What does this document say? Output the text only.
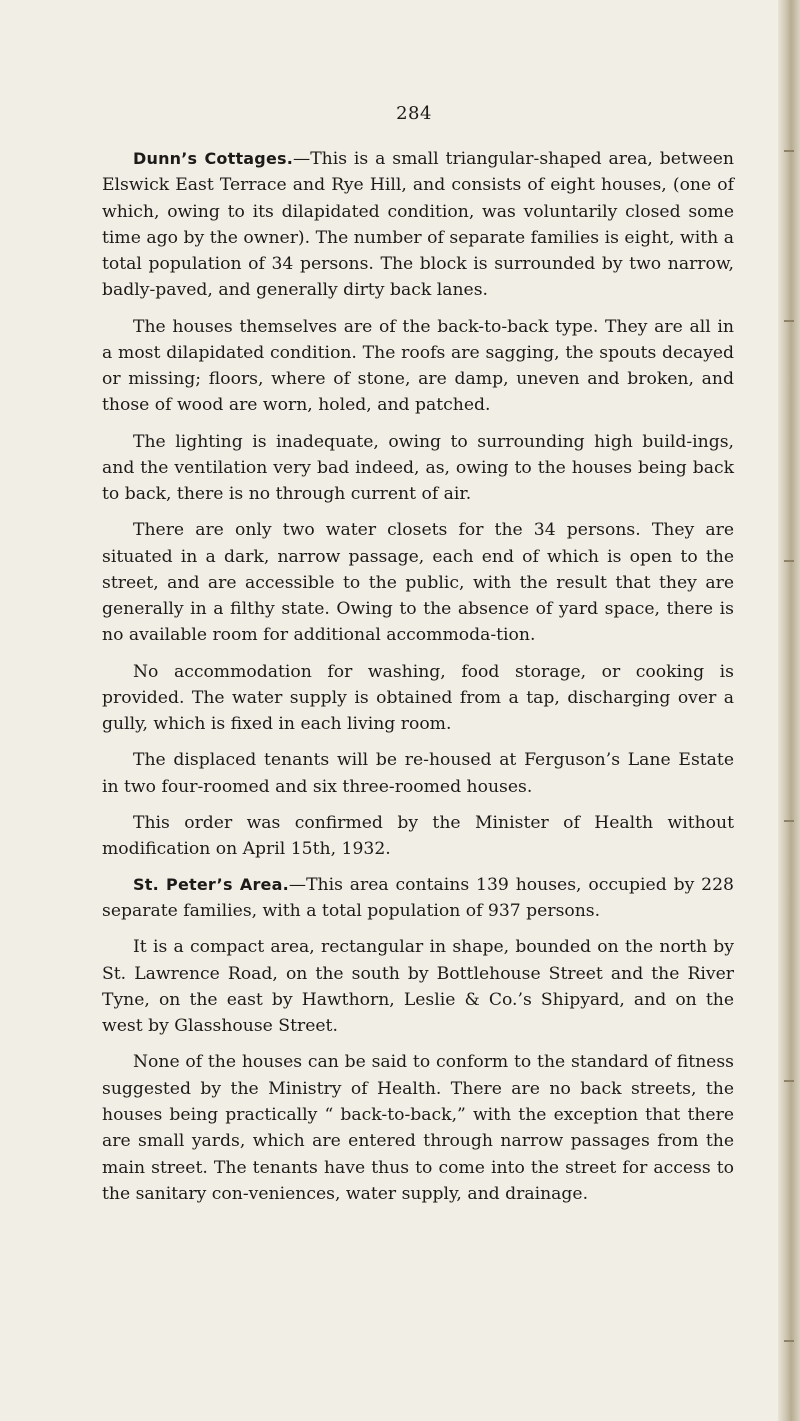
284

Dunn’s Cottages.—This is a small triangular-shaped area, between Elswick East Terrace and Rye Hill, and consists of eight houses, (one of which, owing to its dilapidated condition, was voluntarily closed some time ago by the owner). The number of separate families is eight, with a total population of 34 persons. The block is surrounded by two narrow, badly-paved, and generally dirty back lanes.

The houses themselves are of the back-to-back type. They are all in a most dilapidated condition. The roofs are sagging, the spouts decayed or missing; floors, where of stone, are damp, uneven and broken, and those of wood are worn, holed, and patched.

The lighting is inadequate, owing to surrounding high build-ings, and the ventilation very bad indeed, as, owing to the houses being back to back, there is no through current of air.

There are only two water closets for the 34 persons. They are situated in a dark, narrow passage, each end of which is open to the street, and are accessible to the public, with the result that they are generally in a filthy state. Owing to the absence of yard space, there is no available room for additional accommoda-tion.

No accommodation for washing, food storage, or cooking is provided. The water supply is obtained from a tap, discharging over a gully, which is fixed in each living room.

The displaced tenants will be re-housed at Ferguson’s Lane Estate in two four-roomed and six three-roomed houses.

This order was confirmed by the Minister of Health without modification on April 15th, 1932.

St. Peter’s Area.—This area contains 139 houses, occupied by 228 separate families, with a total population of 937 persons.

It is a compact area, rectangular in shape, bounded on the north by St. Lawrence Road, on the south by Bottlehouse Street and the River Tyne, on the east by Hawthorn, Leslie & Co.’s Shipyard, and on the west by Glasshouse Street.

None of the houses can be said to conform to the standard of fitness suggested by the Ministry of Health. There are no back streets, the houses being practically “ back-to-back,” with the exception that there are small yards, which are entered through narrow passages from the main street. The tenants have thus to come into the street for access to the sanitary con-veniences, water supply, and drainage.
